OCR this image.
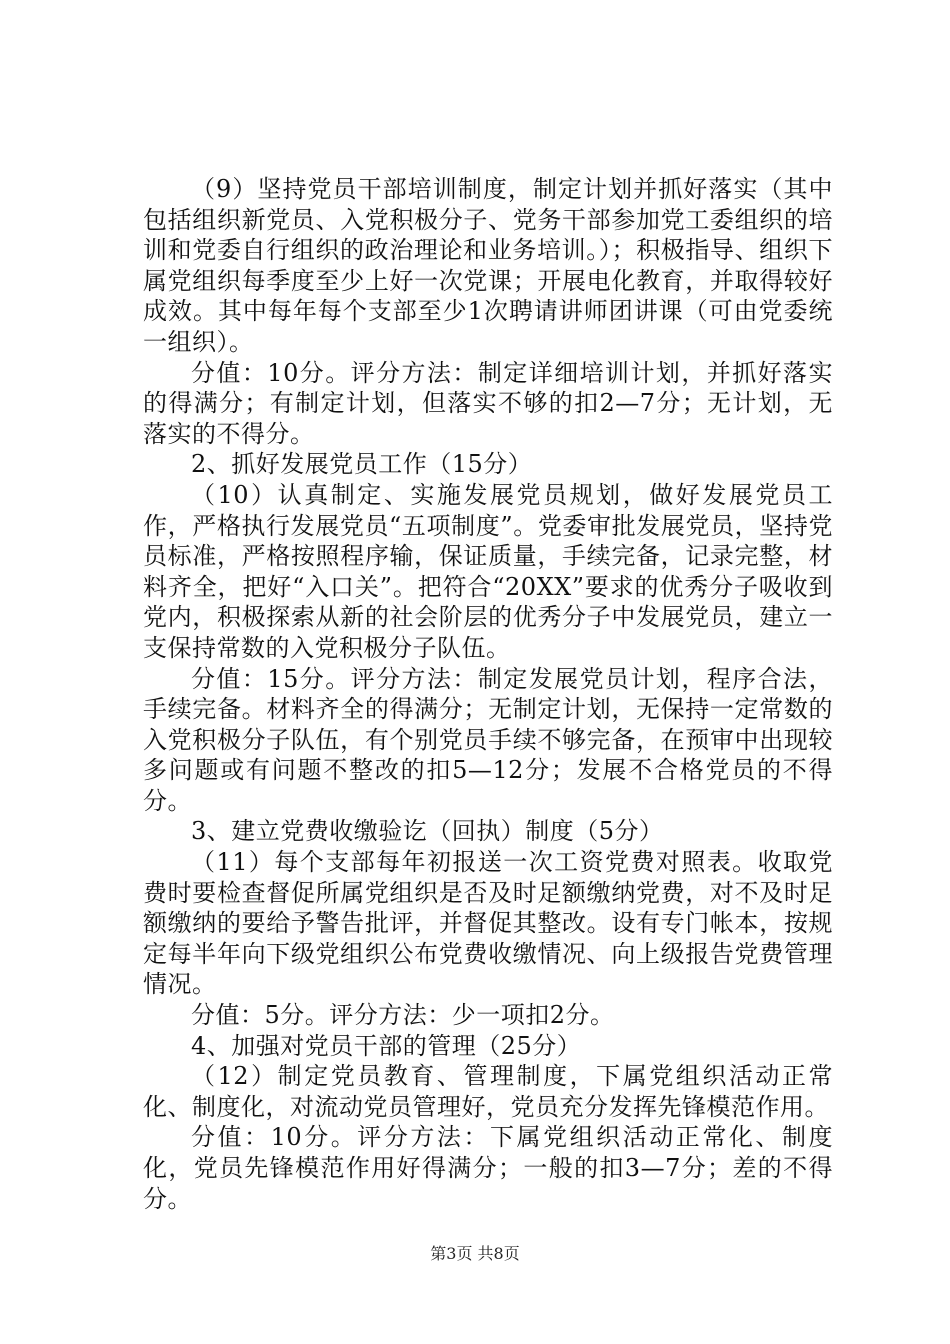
（9）坚持党员干部培训制度，制定计划并抓好落实（其中包括组织新党员、入党积极分子、党务干部参加党工委组织的培训和党委自行组织的政治理论和业务培训。）；积极指导、组织下属党组织每季度至少上好一次党课；开展电化教育，并取得较好成效。其中每年每个支部至少1次聘请讲师团讲课（可由党委统一组织）。

分值：10分。评分方法：制定详细培训计划，并抓好落实的得满分；有制定计划，但落实不够的扣2—7分；无计划，无落实的不得分。

2、抓好发展党员工作（15分）

（10）认真制定、实施发展党员规划，做好发展党员工作，严格执行发展党员“五项制度”。党委审批发展党员，坚持党员标准，严格按照程序输，保证质量，手续完备，记录完整，材料齐全，把好“入口关”。把符合“20XX”要求的优秀分子吸收到党内，积极探索从新的社会阶层的优秀分子中发展党员，建立一支保持常数的入党积极分子队伍。

分值：15分。评分方法：制定发展党员计划，程序合法，手续完备。材料齐全的得满分；无制定计划，无保持一定常数的入党积极分子队伍，有个别党员手续不够完备，在预审中出现较多问题或有问题不整改的扣5—12分；发展不合格党员的不得分。

3、建立党费收缴验讫（回执）制度（5分）

（11）每个支部每年初报送一次工资党费对照表。收取党费时要检查督促所属党组织是否及时足额缴纳党费，对不及时足额缴纳的要给予警告批评，并督促其整改。设有专门帐本，按规定每半年向下级党组织公布党费收缴情况、向上级报告党费管理情况。

分值：5分。评分方法：少一项扣2分。

4、加强对党员干部的管理（25分）

（12）制定党员教育、管理制度，下属党组织活动正常化、制度化，对流动党员管理好，党员充分发挥先锋模范作用。

分值：10分。评分方法：下属党组织活动正常化、制度化，党员先锋模范作用好得满分；一般的扣3—7分；差的不得分。

第3页 共8页
